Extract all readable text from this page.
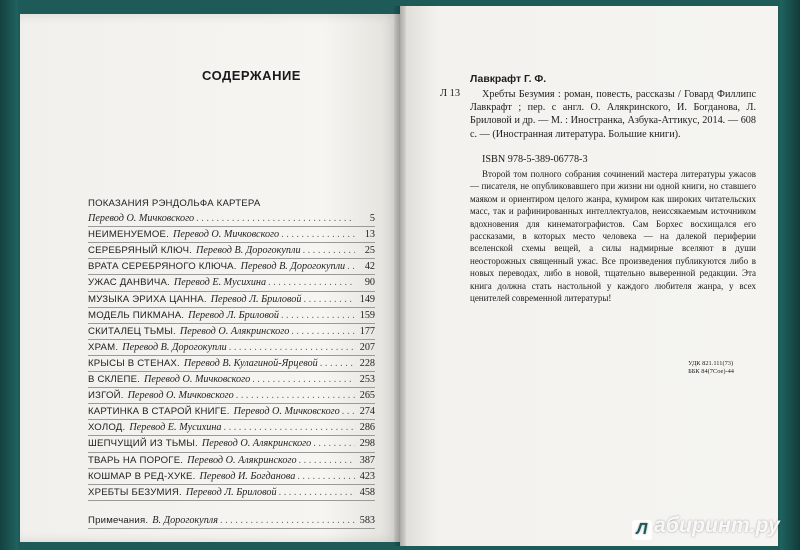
СОДЕРЖАНИЕ
ПОКАЗАНИЯ РЭНДОЛЬФА КАРТЕРА
Перевод О. Мичковского . . .	5
НЕИМЕНУЕМОЕ. Перевод О. Мичковского . . .	13
СЕРЕБРЯНЫЙ КЛЮЧ. Перевод В. Дорогокупли . . .	25
ВРАТА СЕРЕБРЯНОГО КЛЮЧА. Перевод В. Дорогокупли . . .	42
УЖАС ДАНВИЧА. Перевод Е. Мусихина . . .	90
МУЗЫКА ЭРИХА ЦАННА. Перевод Л. Бриловой . . .	149
МОДЕЛЬ ПИКМАНА. Перевод Л. Бриловой . . .	159
СКИТАЛЕЦ ТЬМЫ. Перевод О. Алякринского . . .	177
ХРАМ. Перевод В. Дорогокупли . . .	207
КРЫСЫ В СТЕНАХ. Перевод В. Кулагиной-Ярцевой . . .	228
В СКЛЕПЕ. Перевод О. Мичковского . . .	253
ИЗГОЙ. Перевод О. Мичковского . . .	265
КАРТИНКА В СТАРОЙ КНИГЕ. Перевод О. Мичковского . . . 274
ХОЛОД. Перевод Е. Мусихина . . .	286
ШЕПЧУЩИЙ ИЗ ТЬМЫ. Перевод О. Алякринского . . .	298
ТВАРЬ НА ПОРОГЕ. Перевод О. Алякринского . . .	387
КОШМАР В РЕД-ХУКЕ. Перевод И. Богданова . . .	423
ХРЕБТЫ БЕЗУМИЯ. Перевод Л. Бриловой . . .	458
Примечания. В. Дорогокупля . . .	583
Лавкрафт Г. Ф.
Л 13	Хребты Безумия : роман, повесть, рассказы / Говард Филлипс Лавкрафт ; пер. с англ. О. Алякринского, И. Богданова, Л. Бриловой и др. — М. : Иностранка, Азбука-Аттикус, 2014. — 608 с. — (Иностранная литература. Большие книги).
ISBN 978-5-389-06778-3
Второй том полного собрания сочинений мастера литературы ужасов — писателя, не опубликовавшего при жизни ни одной книги, но ставшего маяком и ориентиром целого жанра, кумиром как широких читательских масс, так и рафинированных интеллектуалов, неиссякаемым источником вдохновения для кинематографистов. Сам Борхес восхищался его рассказами, в которых место человека — на далекой периферии вселенской схемы вещей, а силы надмирные вселяют в души неосторожных священный ужас. Все произведения публикуются либо в новых переводах, либо в новой, тщательно выверенной редакции. Эта книга должна стать настольной у каждого любителя жанра, у всех ценителей современной литературы!
УДК 821.111(73)
ББК 84(7Сое)-44
Л абиринт.ру
